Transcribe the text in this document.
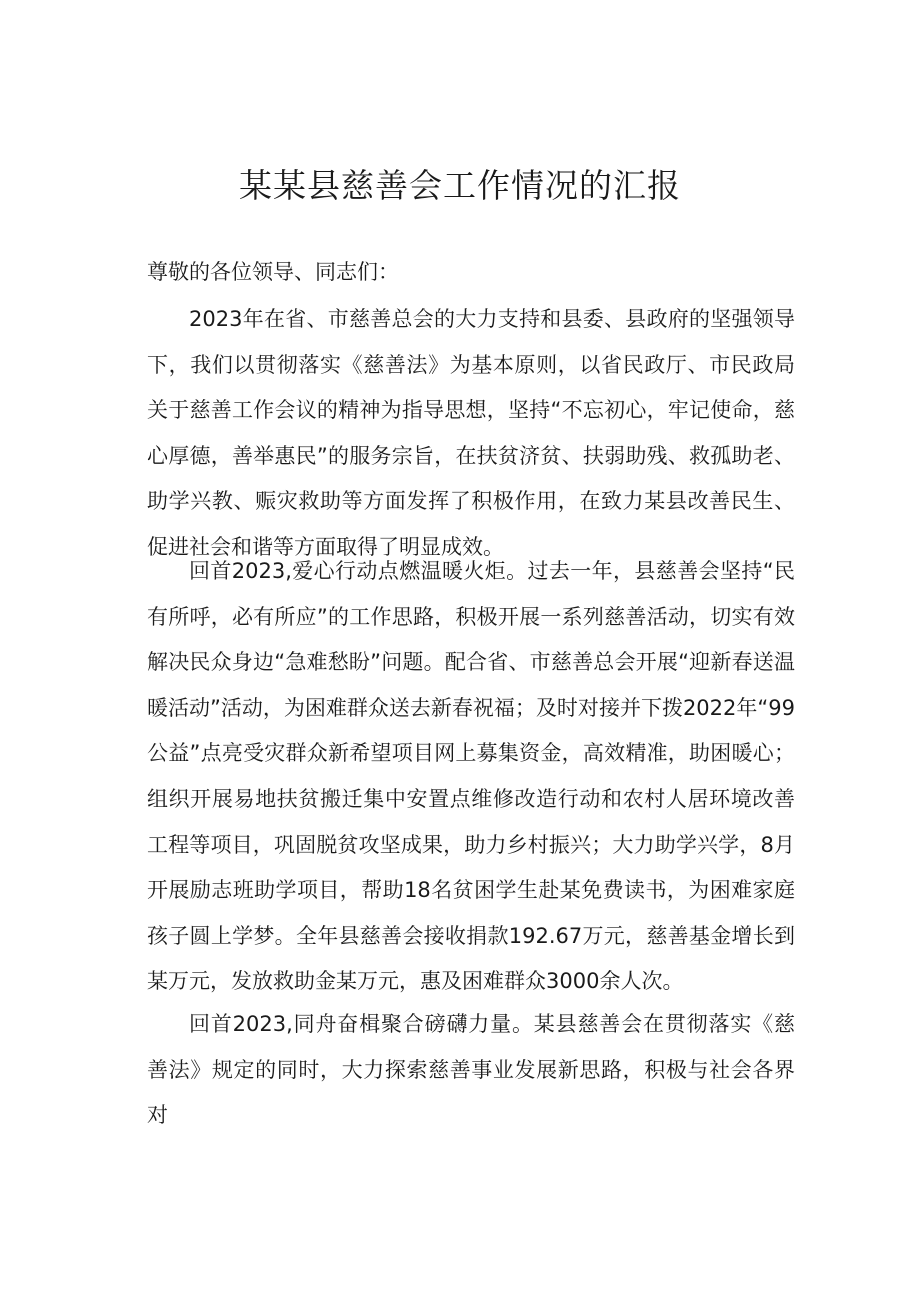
某某县慈善会工作情况的汇报

尊敬的各位领导、同志们：

2023年在省、市慈善总会的大力支持和县委、县政府的坚强领导下，我们以贯彻落实《慈善法》为基本原则，以省民政厅、市民政局关于慈善工作会议的精神为指导思想，坚持“不忘初心，牢记使命，慈心厚德，善举惠民”的服务宗旨，在扶贫济贫、扶弱助残、救孤助老、助学兴教、赈灾救助等方面发挥了积极作用，在致力某县改善民生、促进社会和谐等方面取得了明显成效。

回首2023,爱心行动点燃温暖火炬。过去一年，县慈善会坚持“民有所呼，必有所应”的工作思路，积极开展一系列慈善活动，切实有效解决民众身边“急难愁盼”问题。配合省、市慈善总会开展“迎新春送温暖活动”活动，为困难群众送去新春祝福；及时对接并下拨2022年“99公益”点亮受灾群众新希望项目网上募集资金，高效精准，助困暖心；组织开展易地扶贫搬迁集中安置点维修改造行动和农村人居环境改善工程等项目，巩固脱贫攻坚成果，助力乡村振兴；大力助学兴学，8月开展励志班助学项目，帮助18名贫困学生赴某免费读书，为困难家庭孩子圆上学梦。全年县慈善会接收捐款192.67万元，慈善基金增长到某万元，发放救助金某万元，惠及困难群众3000余人次。

回首2023,同舟奋楫聚合磅礴力量。某县慈善会在贯彻落实《慈善法》规定的同时，大力探索慈善事业发展新思路，积极与社会各界对
